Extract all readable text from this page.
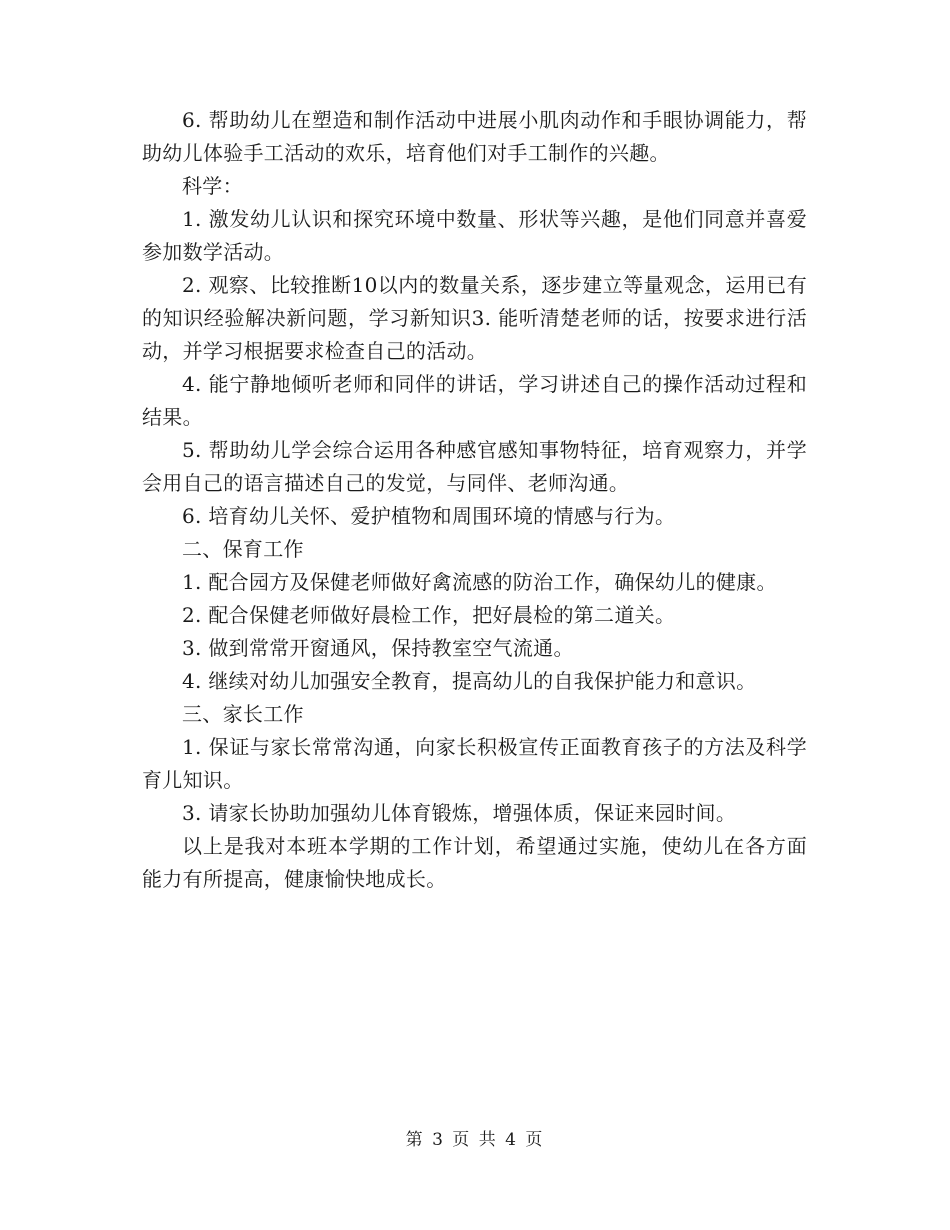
6. 帮助幼儿在塑造和制作活动中进展小肌肉动作和手眼协调能力，帮助幼儿体验手工活动的欢乐，培育他们对手工制作的兴趣。

科学：

1. 激发幼儿认识和探究环境中数量、形状等兴趣，是他们同意并喜爱参加数学活动。

2. 观察、比较推断10以内的数量关系，逐步建立等量观念，运用已有的知识经验解决新问题，学习新知识3. 能听清楚老师的话，按要求进行活动，并学习根据要求检查自己的活动。

4. 能宁静地倾听老师和同伴的讲话，学习讲述自己的操作活动过程和结果。

5. 帮助幼儿学会综合运用各种感官感知事物特征，培育观察力，并学会用自己的语言描述自己的发觉，与同伴、老师沟通。

6. 培育幼儿关怀、爱护植物和周围环境的情感与行为。

二、保育工作

1. 配合园方及保健老师做好禽流感的防治工作，确保幼儿的健康。

2. 配合保健老师做好晨检工作，把好晨检的第二道关。

3. 做到常常开窗通风，保持教室空气流通。

4. 继续对幼儿加强安全教育，提高幼儿的自我保护能力和意识。

三、家长工作

1. 保证与家长常常沟通，向家长积极宣传正面教育孩子的方法及科学育儿知识。

3. 请家长协助加强幼儿体育锻炼，增强体质，保证来园时间。

以上是我对本班本学期的工作计划，希望通过实施，使幼儿在各方面能力有所提高，健康愉快地成长。

第 3 页 共 4 页
